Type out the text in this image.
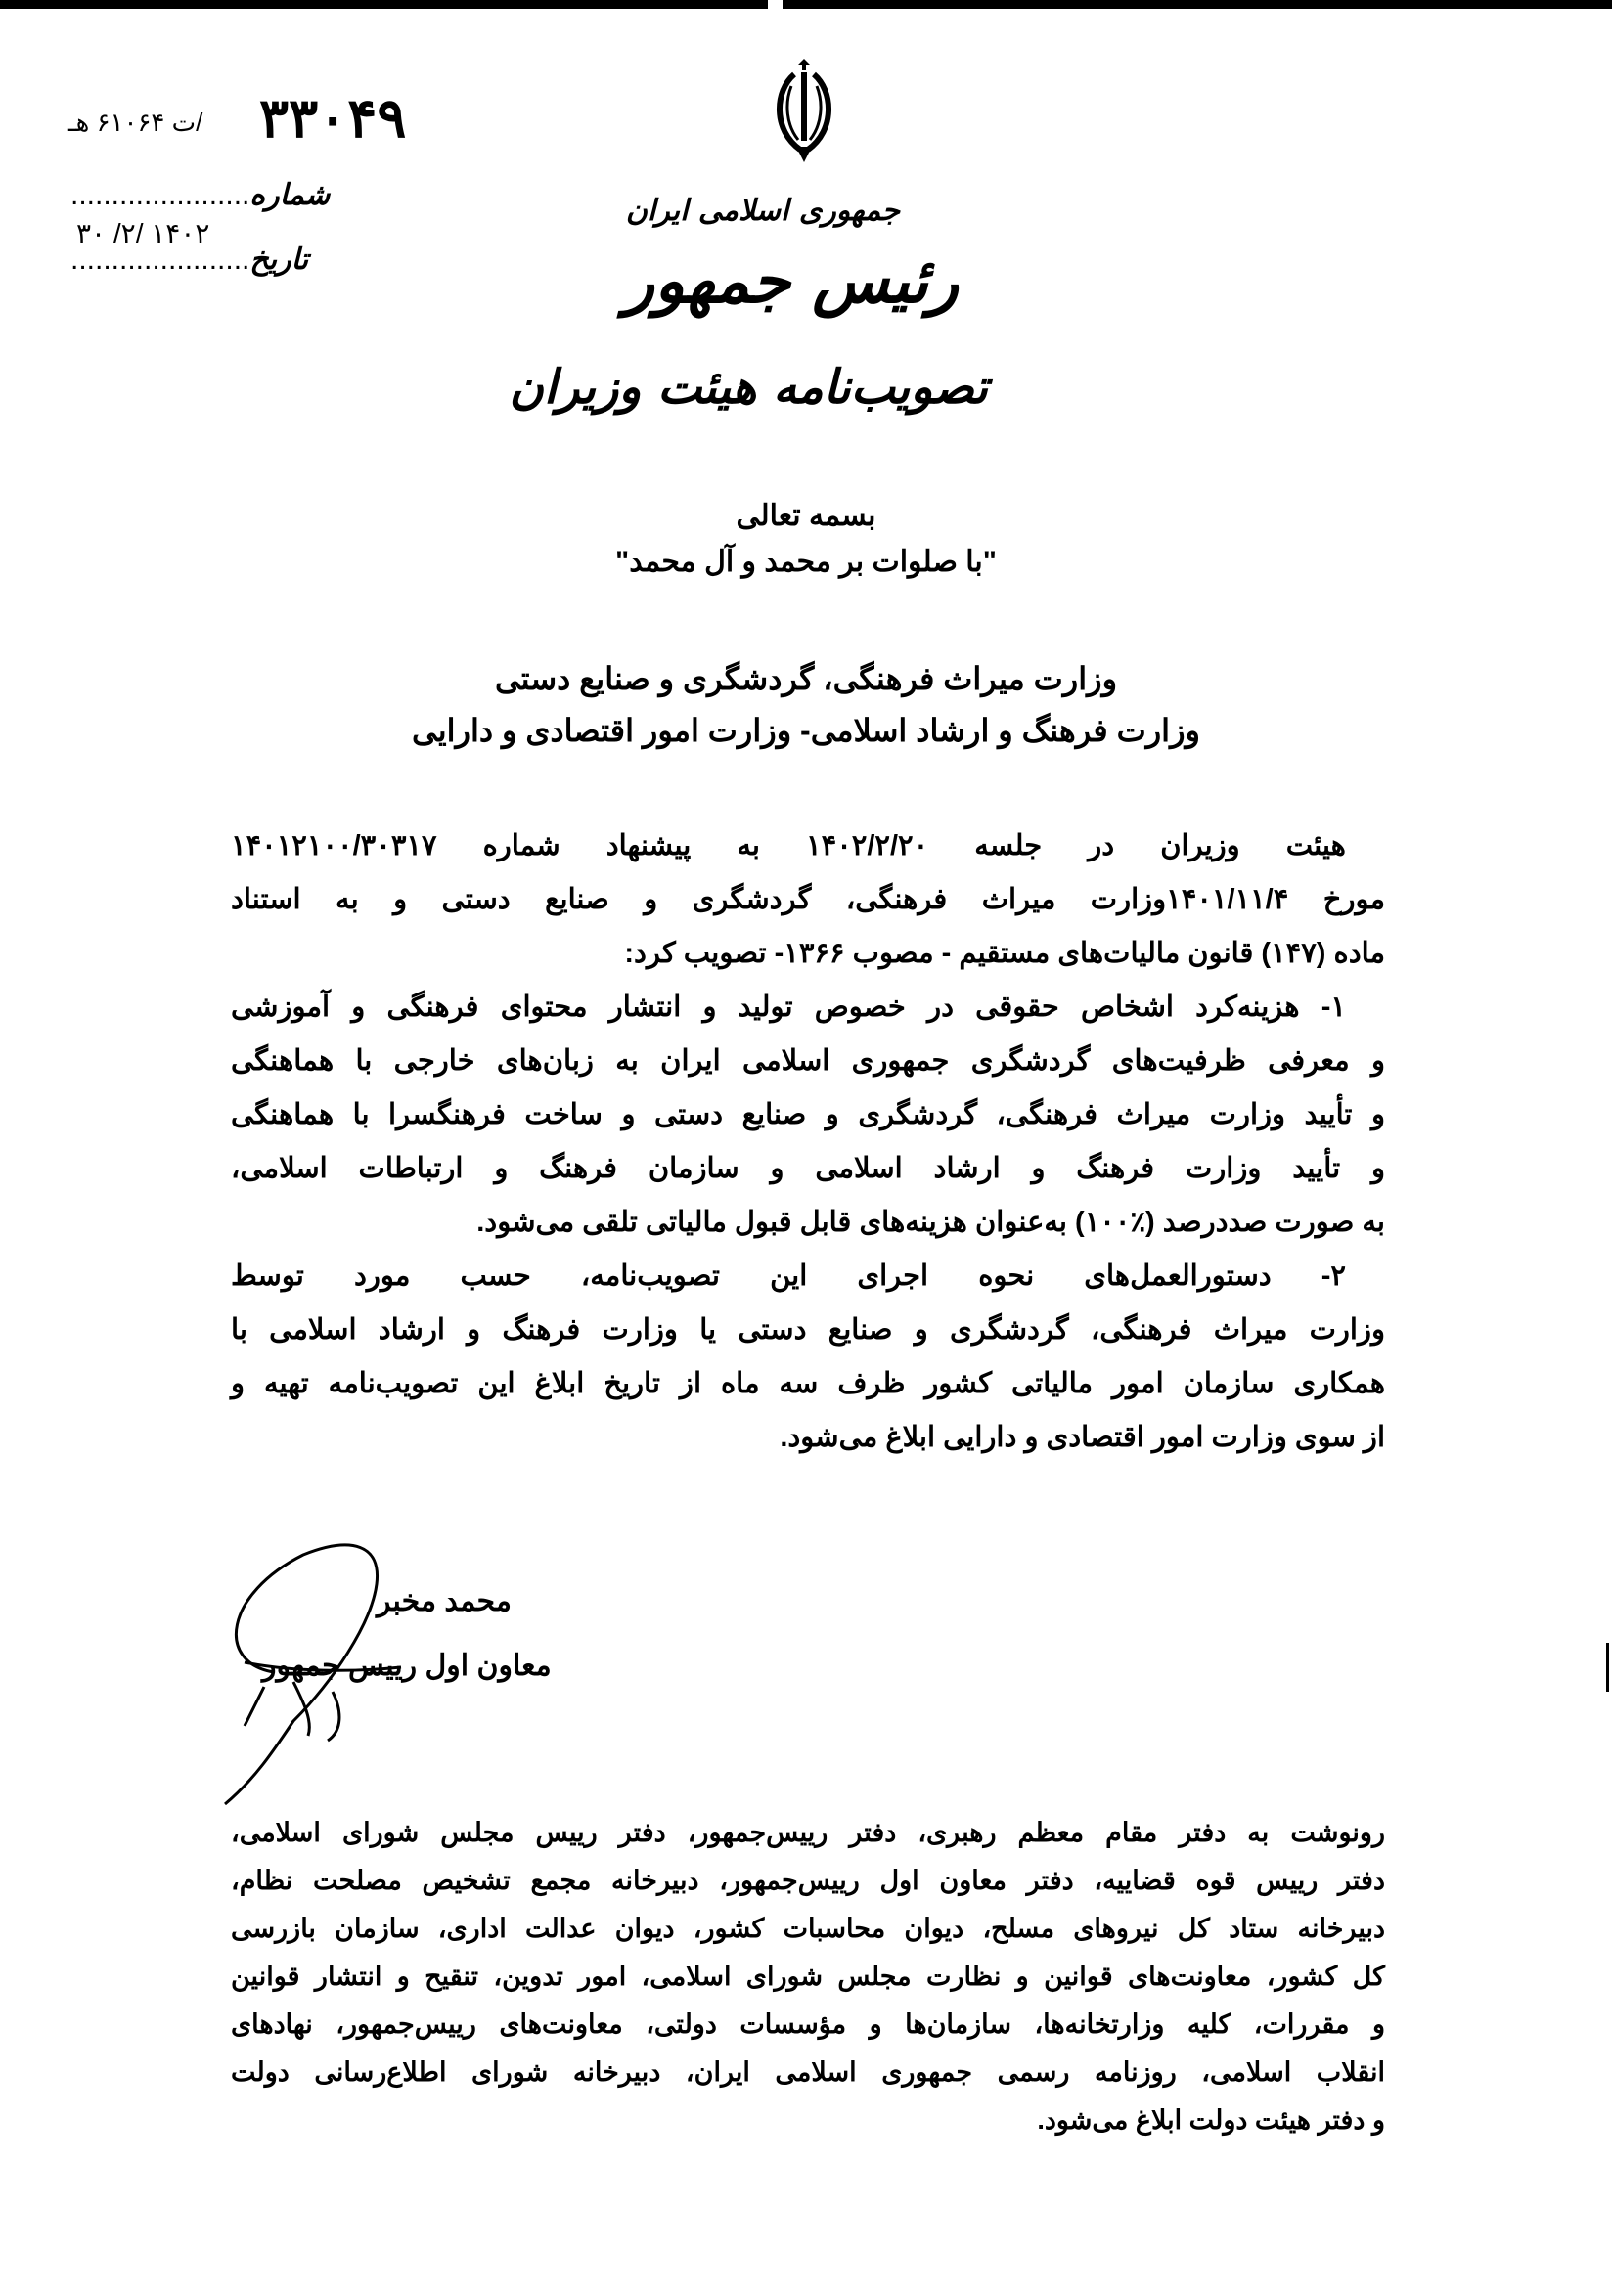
جمهوری اسلامی ایران
رئیس جمهور
تصویب‌نامه هیئت وزیران
۳۳۰۴۹
/ت ۶۱۰۶۴ هـ
شماره......................
۱۴۰۲ /۲/ ۳۰
تاریخ......................
بسمه تعالی
"با صلوات بر محمد و آل محمد"
وزارت میراث فرهنگی، گردشگری و صنایع دستی
وزارت فرهنگ و ارشاد اسلامی- وزارت امور اقتصادی و دارایی
هیئت وزیران در جلسه ۱۴۰۲/۲/۲۰ به پیشنهاد شماره ۱۴۰۱۲۱۰۰/۳۰۳۱۷
مورخ ۱۴۰۱/۱۱/۴وزارت میراث فرهنگی، گردشگری و صنایع دستی و به استناد
ماده (۱۴۷) قانون مالیات‌های مستقیم - مصوب ۱۳۶۶- تصویب کرد:
۱- هزینه‌کرد اشخاص حقوقی در خصوص تولید و انتشار محتوای فرهنگی و آموزشی
و معرفی ظرفیت‌های گردشگری جمهوری اسلامی ایران به زبان‌های خارجی با هماهنگی
و تأیید وزارت میراث فرهنگی، گردشگری و صنایع دستی و ساخت فرهنگسرا با هماهنگی
و تأیید وزارت فرهنگ و ارشاد اسلامی و سازمان فرهنگ و ارتباطات اسلامی،
به صورت صددرصد (٪۱۰۰) به‌عنوان هزینه‌های قابل قبول مالیاتی تلقی می‌شود.
۲- دستورالعمل‌های نحوه اجرای این تصویب‌نامه، حسب مورد توسط
وزارت میراث فرهنگی، گردشگری و صنایع دستی یا وزارت فرهنگ و ارشاد اسلامی با
همکاری سازمان امور مالیاتی کشور ظرف سه ماه از تاریخ ابلاغ این تصویب‌نامه تهیه و
از سوی وزارت امور اقتصادی و دارایی ابلاغ می‌شود.
محمد مخبر
معاون اول رییس جمهور
رونوشت به دفتر مقام معظم رهبری، دفتر رییس‌جمهور، دفتر رییس مجلس شورای اسلامی،
دفتر رییس قوه قضاییه، دفتر معاون اول رییس‌جمهور، دبیرخانه مجمع تشخیص مصلحت نظام،
دبیرخانه ستاد کل نیروهای مسلح، دیوان محاسبات کشور، دیوان عدالت اداری، سازمان بازرسی
کل کشور، معاونت‌های قوانین و نظارت مجلس شورای اسلامی، امور تدوین، تنقیح و انتشار قوانین
و مقررات، کلیه وزارتخانه‌ها، سازمان‌ها و مؤسسات دولتی، معاونت‌های رییس‌جمهور، نهادهای
انقلاب اسلامی، روزنامه رسمی جمهوری اسلامی ایران، دبیرخانه شورای اطلاع‌رسانی دولت
و دفتر هیئت دولت ابلاغ می‌شود.
